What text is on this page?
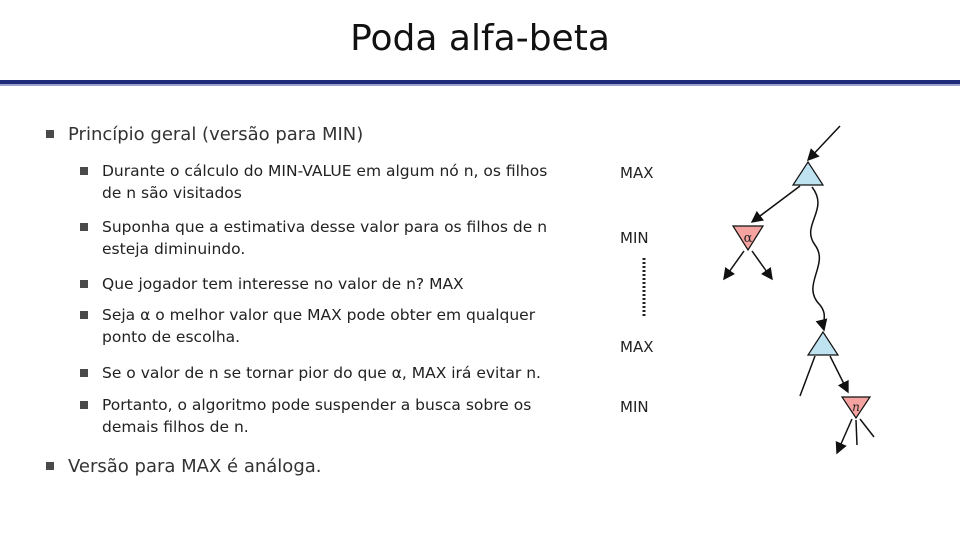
Poda alfa-beta
Princípio geral (versão para MIN)
Durante o cálculo do MIN-VALUE em algum nó n, os filhos de n são visitados
Suponha que a estimativa desse valor para os filhos de n esteja diminuindo.
Que jogador tem interesse no valor de n? MAX
Seja α o melhor valor que MAX pode obter em qualquer ponto de escolha.
Se o valor de n se tornar pior do que α, MAX irá evitar n.
Portanto, o algoritmo pode suspender a busca sobre os demais filhos de n.
Versão para MAX é análoga.
MAX
MIN
MAX
MIN
α
n
